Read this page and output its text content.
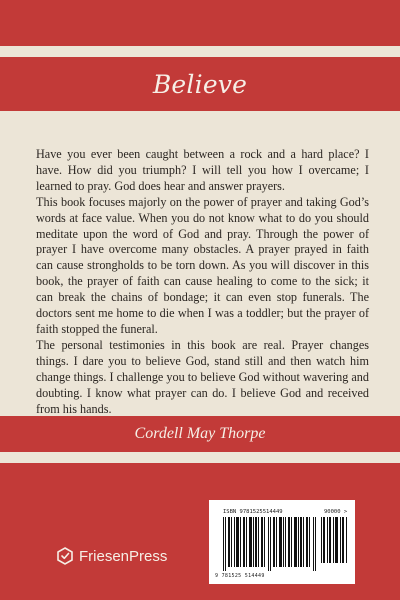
Believe

Have you ever been caught between a rock and a hard place? I have. How did you triumph? I will tell you how I overcame; I learned to pray. God does hear and answer prayers.

This book focuses majorly on the power of prayer and taking God’s words at face value. When you do not know what to do you should meditate upon the word of God and pray. Through the power of prayer I have overcome many obstacles. A prayer prayed in faith can cause strongholds to be torn down. As you will discover in this book, the prayer of faith can cause healing to come to the sick; it can break the chains of bondage; it can even stop funerals. The doctors sent me home to die when I was a toddler; but the prayer of faith stopped the funeral.

The personal testimonies in this book are real. Prayer changes things. I dare you to believe God, stand still and then watch him change things. I challenge you to believe God without wavering and doubting. I know what prayer can do. I believe God and received from his hands.

Cordell May Thorpe
FriesenPress
ISBN 9781525514449	90000 >
9 781525 514449
